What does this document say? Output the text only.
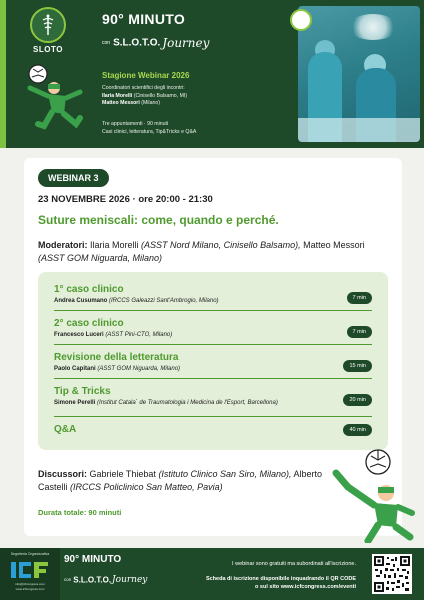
SLOTO
90° MINUTO
con S.L.O.T.O. Journey
Stagione Webinar 2026
Coordinatori scientifici degli incontri:
Ilaria Morelli (Cinisello Balsamo, MI)
Matteo Messori (Milano)
Tre appuntamenti · 90 minuti
Casi clinici, letteratura, Tip&Tricks e Q&A
WEBINAR 3
23 NOVEMBRE 2026 · ore 20:00 - 21:30
Suture meniscali: come, quando e perché.
Moderatori: Ilaria Morelli (ASST Nord Milano, Cinisello Balsamo), Matteo Messori (ASST GOM Niguarda, Milano)
1° caso clinico
Andrea Cusumano (IRCCS Galeazzi Sant'Ambrogio, Milano)	7 min
2° caso clinico
Francesco Luceri (ASST Pini-CTO, Milano)	7 min
Revisione della letteratura
Paolo Capitani (ASST GOM Niguarda, Milano)	15 min
Tip & Tricks
Simone Perelli (Institut Catala` de Traumatologia i Medicina de l'Esport, Barcellona)	20 min
Q&A	40 min
Discussori: Gabriele Thiebat (Istituto Clinico San Siro, Milano), Alberto Castelli (IRCCS Policlinico San Matteo, Pavia)
Durata totale: 90 minuti
Segreteria Organizzativa
info@icfcongress.com
www.icfcongress.com
90° MINUTO
con S.L.O.T.O.Journey
I webinar sono gratuiti ma subordinati all'iscrizione.
Scheda di iscrizione disponibile inquadrando il QR CODE
o sul sito www.icfcongress.com/eventi
